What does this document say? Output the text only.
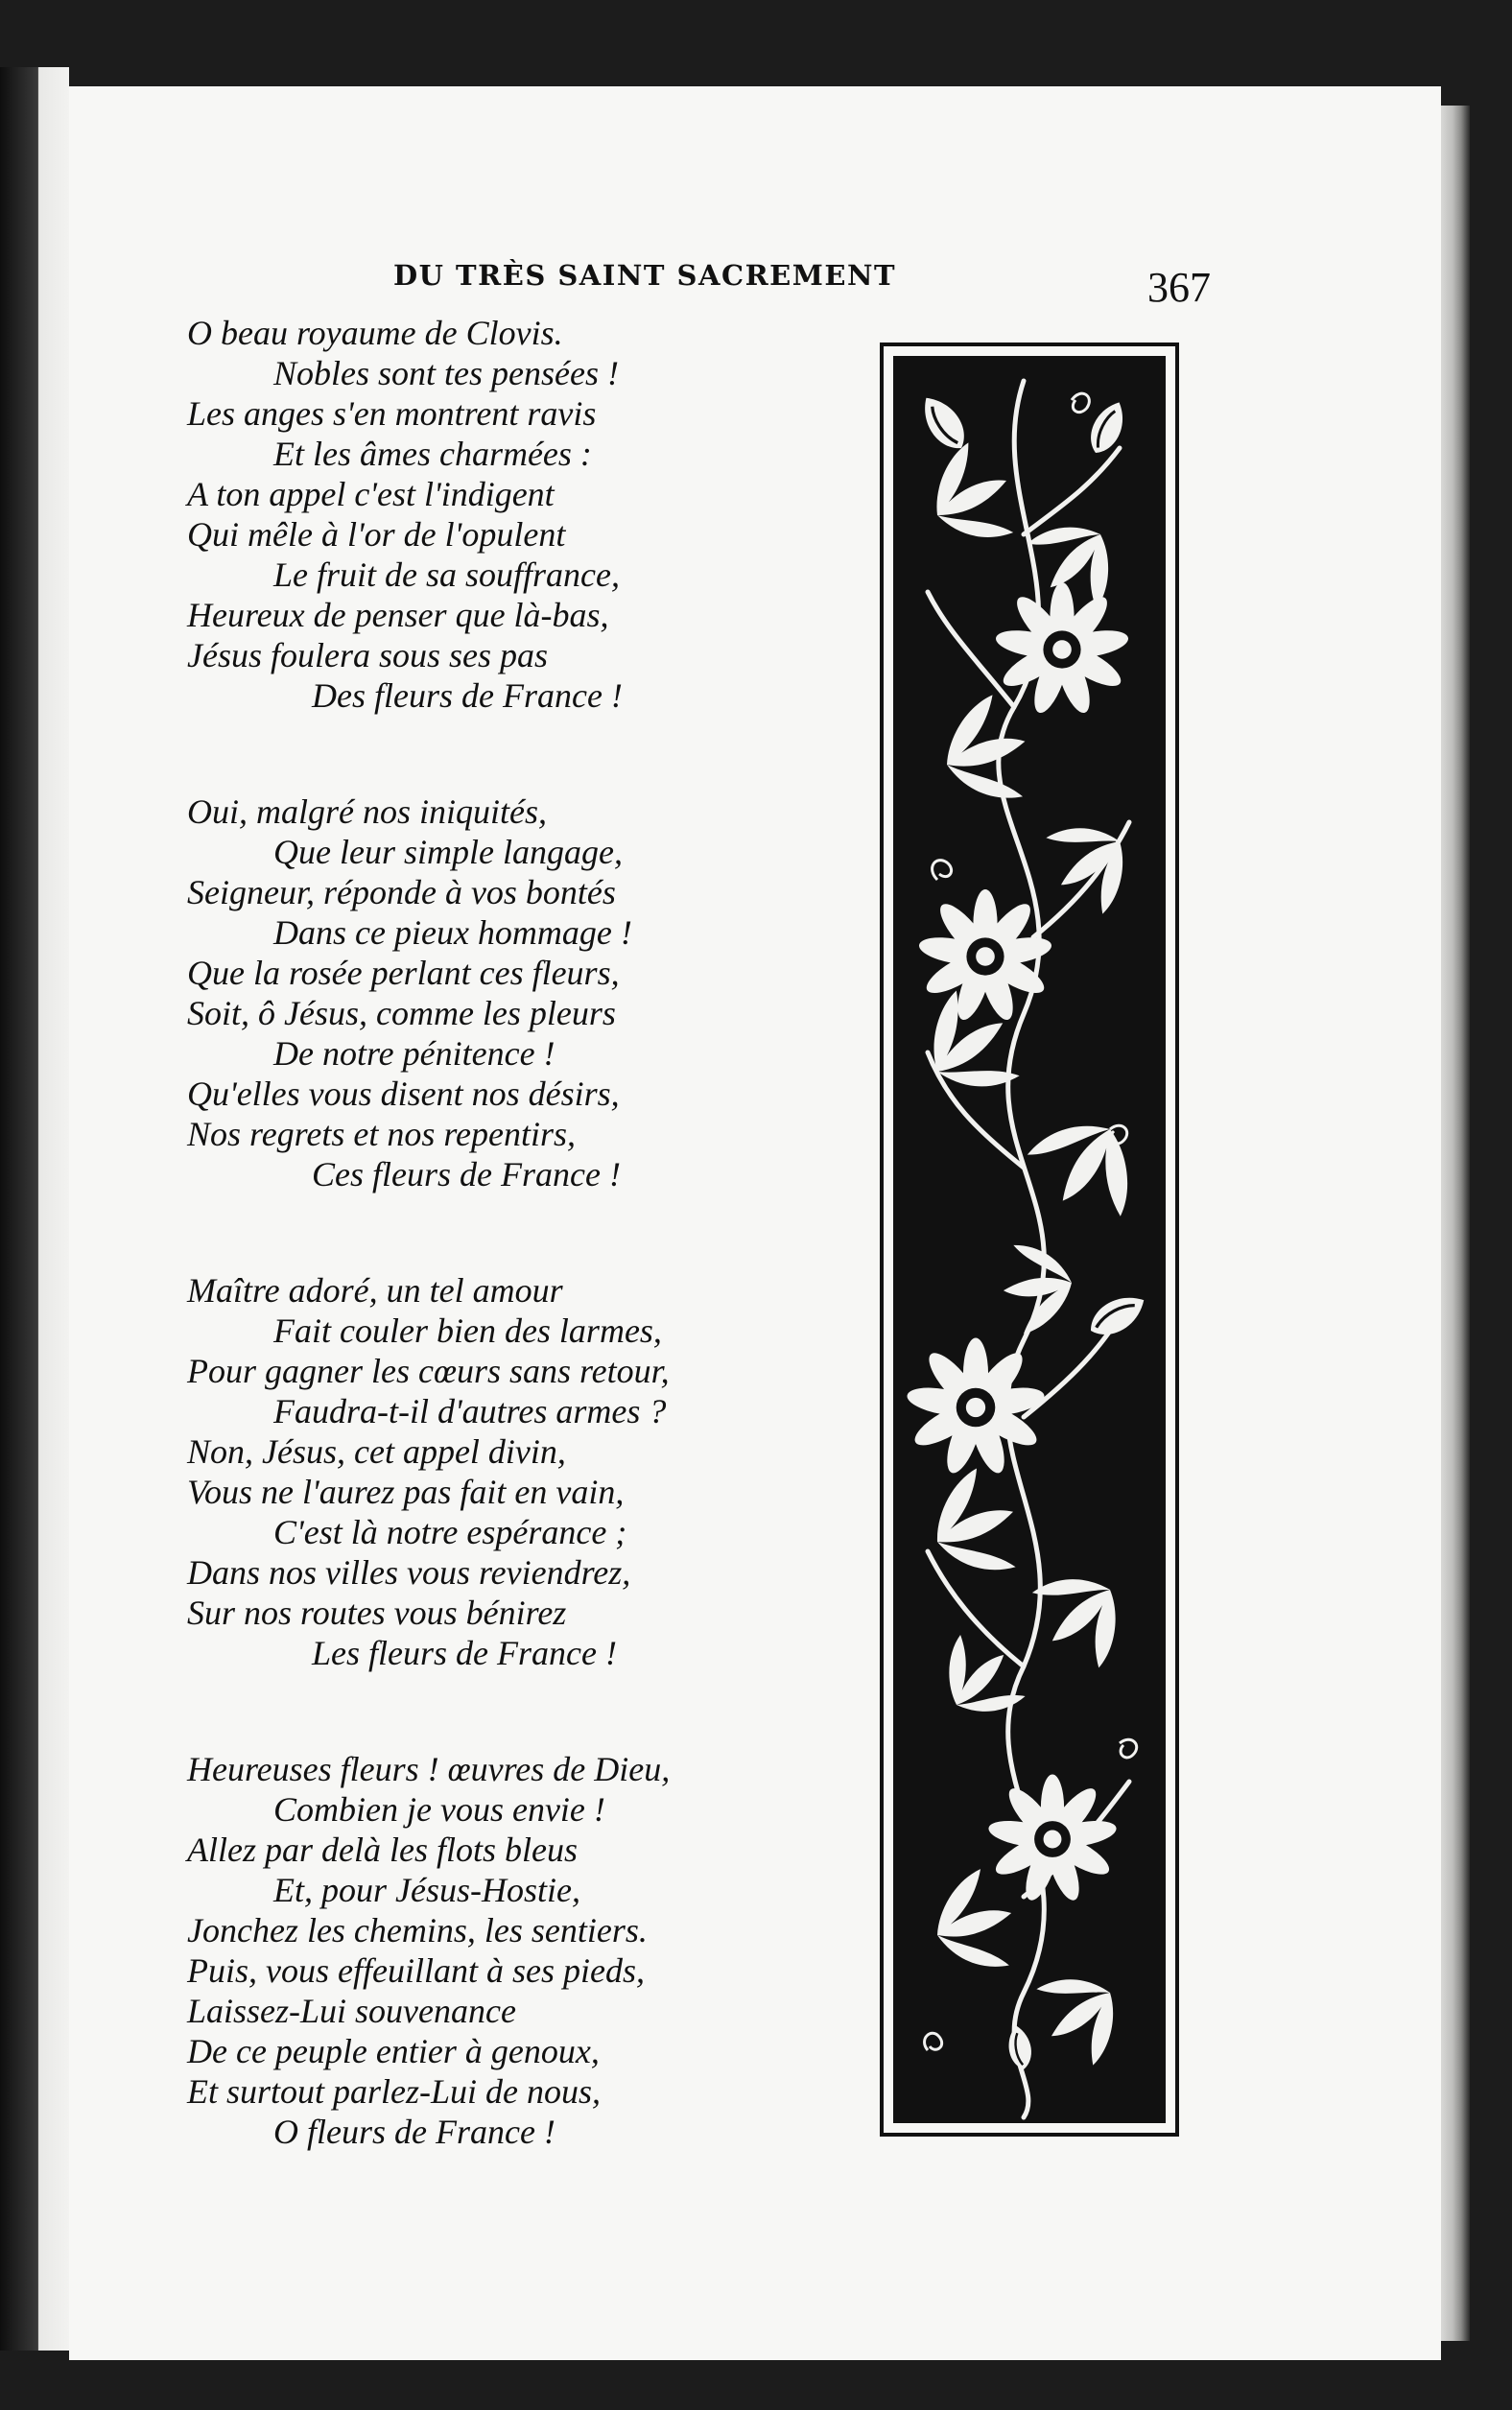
DU TRÈS SAINT SACREMENT	367
O beau royaume de Clovis.
Nobles sont tes pensées !
Les anges s'en montrent ravis
Et les âmes charmées :
A ton appel c'est l'indigent
Qui mêle à l'or de l'opulent
Le fruit de sa souffrance,
Heureux de penser que là-bas,
Jésus foulera sous ses pas
Des fleurs de France !
Oui, malgré nos iniquités,
Que leur simple langage,
Seigneur, réponde à vos bontés
Dans ce pieux hommage !
Que la rosée perlant ces fleurs,
Soit, ô Jésus, comme les pleurs
De notre pénitence !
Qu'elles vous disent nos désirs,
Nos regrets et nos repentirs,
Ces fleurs de France !
Maître adoré, un tel amour
Fait couler bien des larmes,
Pour gagner les cœurs sans retour,
Faudra-t-il d'autres armes ?
Non, Jésus, cet appel divin,
Vous ne l'aurez pas fait en vain,
C'est là notre espérance ;
Dans nos villes vous reviendrez,
Sur nos routes vous bénirez
Les fleurs de France !
Heureuses fleurs ! œuvres de Dieu,
Combien je vous envie !
Allez par delà les flots bleus
Et, pour Jésus-Hostie,
Jonchez les chemins, les sentiers.
Puis, vous effeuillant à ses pieds,
Laissez-Lui souvenance
De ce peuple entier à genoux,
Et surtout parlez-Lui de nous,
O fleurs de France !
